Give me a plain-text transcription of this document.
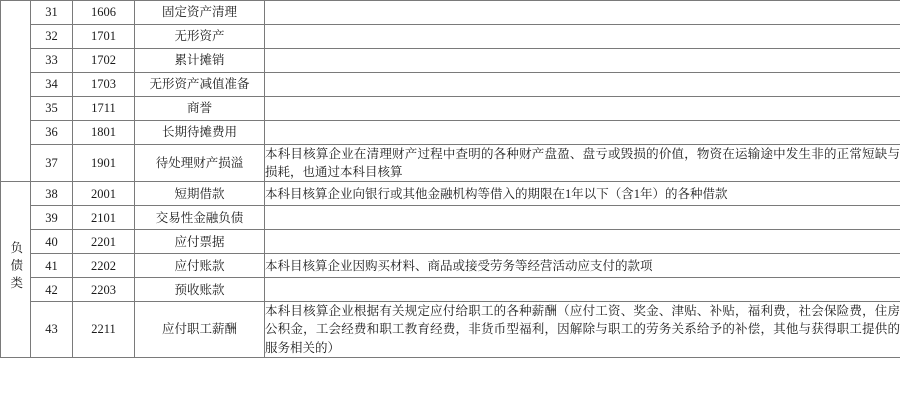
	31	1606	固定资产清理	
	32	1701	无形资产	
	33	1702	累计摊销	
	34	1703	无形资产减值准备	
	35	1711	商誉	
	36	1801	长期待摊费用	
	37	1901	待处理财产损溢	本科目核算企业在清理财产过程中查明的各种财产盘盈、盘亏或毁损的价值，物资在运输途中发生非的正常短缺与损耗，也通过本科目核算
负债类	38	2001	短期借款	本科目核算企业向银行或其他金融机构等借入的期限在1年以下（含1年）的各种借款
	39	2101	交易性金融负债	
	40	2201	应付票据	
	41	2202	应付账款	本科目核算企业因购买材料、商品或接受劳务等经营活动应支付的款项
	42	2203	预收账款	
	43	2211	应付职工薪酬	本科目核算企业根据有关规定应付给职工的各种薪酬（应付工资、奖金、津贴、补贴，福利费，社会保险费，住房公积金，工会经费和职工教育经费，非货币型福利，因解除与职工的劳务关系给予的补偿，其他与获得职工提供的服务相关的）
